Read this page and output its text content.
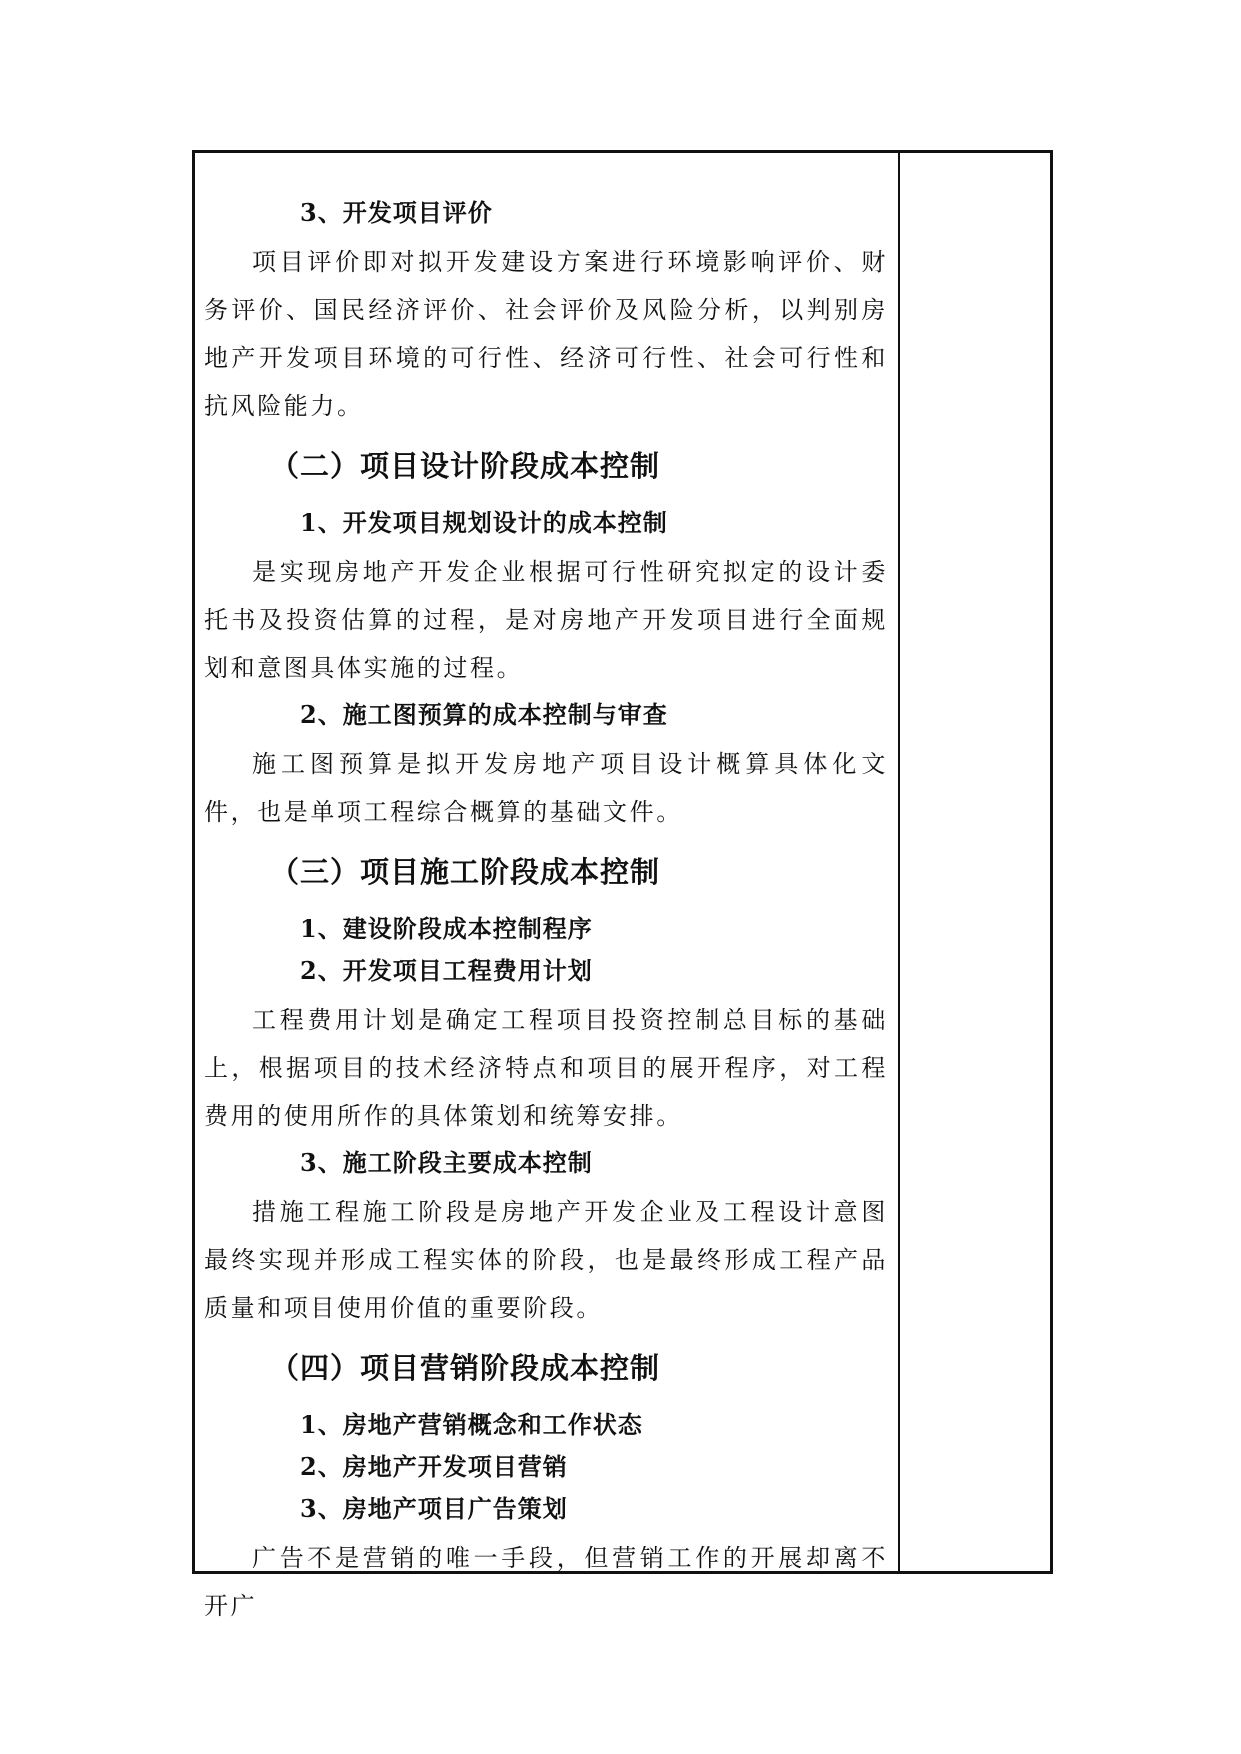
3、开发项目评价

项目评价即对拟开发建设方案进行环境影响评价、财务评价、国民经济评价、社会评价及风险分析，以判别房地产开发项目环境的可行性、经济可行性、社会可行性和抗风险能力。

（二）项目设计阶段成本控制
1、开发项目规划设计的成本控制

是实现房地产开发企业根据可行性研究拟定的设计委托书及投资估算的过程，是对房地产开发项目进行全面规划和意图具体实施的过程。

2、施工图预算的成本控制与审查

施工图预算是拟开发房地产项目设计概算具体化文件，也是单项工程综合概算的基础文件。

（三）项目施工阶段成本控制
1、建设阶段成本控制程序
2、开发项目工程费用计划

工程费用计划是确定工程项目投资控制总目标的基础上，根据项目的技术经济特点和项目的展开程序，对工程费用的使用所作的具体策划和统筹安排。

3、施工阶段主要成本控制

措施工程施工阶段是房地产开发企业及工程设计意图最终实现并形成工程实体的阶段，也是最终形成工程产品质量和项目使用价值的重要阶段。

（四）项目营销阶段成本控制
1、房地产营销概念和工作状态
2、房地产开发项目营销
3、房地产项目广告策划

广告不是营销的唯一手段，但营销工作的开展却离不开广
